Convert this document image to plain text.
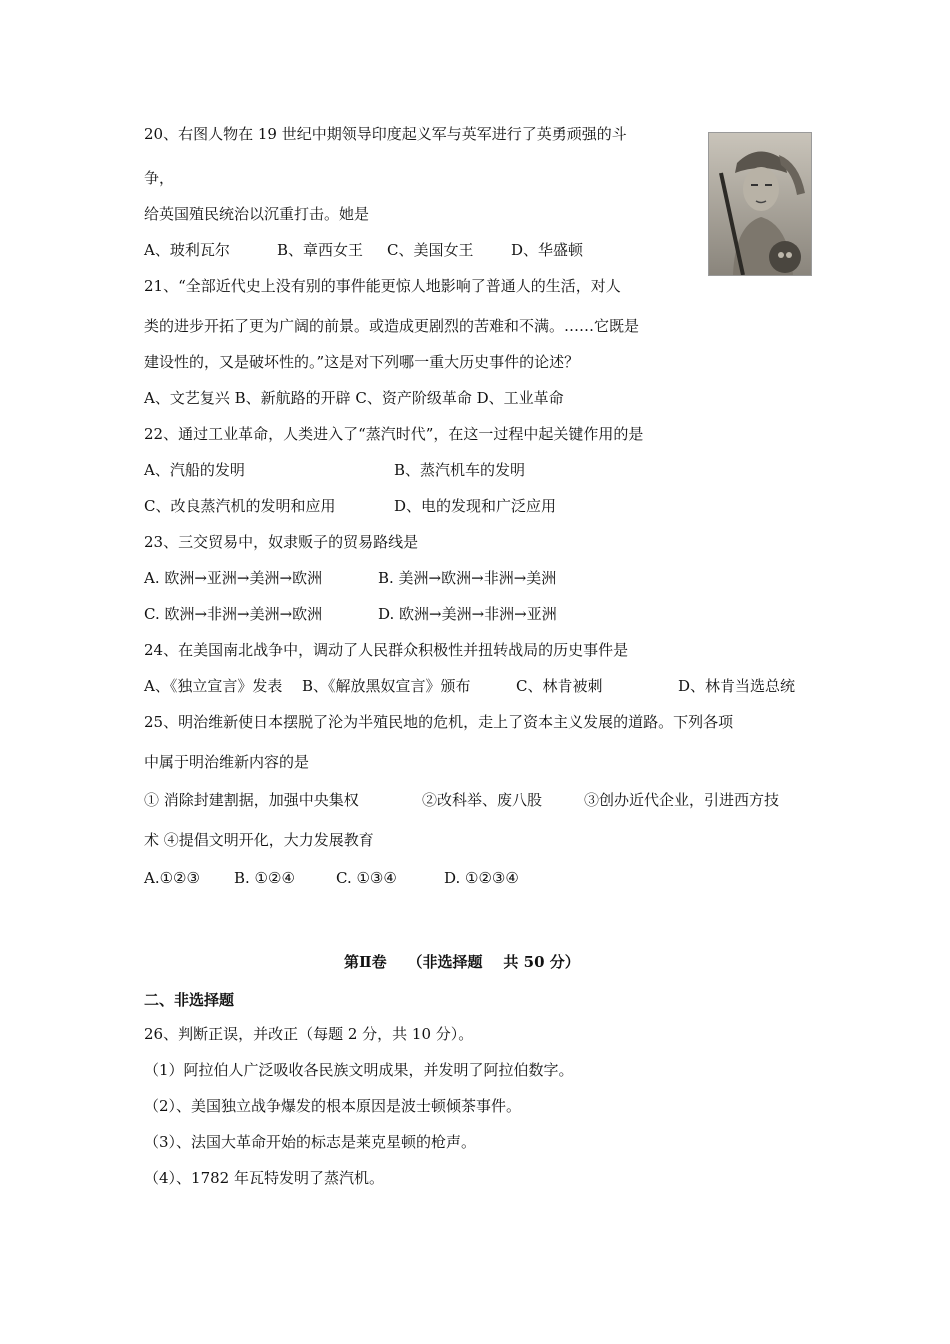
20、右图人物在 19 世纪中期领导印度起义军与英军进行了英勇顽强的斗
争，
给英国殖民统治以沉重打击。她是
A、玻利瓦尔	B、章西女王 C、美国女王	D、华盛顿
21、“全部近代史上没有别的事件能更惊人地影响了普通人的生活，对人
类的进步开拓了更为广阔的前景。或造成更剧烈的苦难和不满。……它既是
建设性的，又是破坏性的。”这是对下列哪一重大历史事件的论述？
A、文艺复兴 B、新航路的开辟 C、资产阶级革命 D、工业革命
22、通过工业革命，人类进入了“蒸汽时代”，在这一过程中起关键作用的是
A、汽船的发明	B、蒸汽机车的发明
C、改良蒸汽机的发明和应用	D、电的发现和广泛应用
23、三交贸易中，奴隶贩子的贸易路线是
A. 欧洲→亚洲→美洲→欧洲	B. 美洲→欧洲→非洲→美洲
C. 欧洲→非洲→美洲→欧洲	D. 欧洲→美洲→非洲→亚洲
24、在美国南北战争中，调动了人民群众积极性并扭转战局的历史事件是
A、《独立宣言》发表 B、《解放黑奴宣言》颁布	C、林肯被刺	D、林肯当选总统
25、明治维新使日本摆脱了沦为半殖民地的危机，走上了资本主义发展的道路。下列各项
中属于明治维新内容的是
① 消除封建割据，加强中央集权	②改科举、废八股	③创办近代企业，引进西方技
术 ④提倡文明开化，大力发展教育
A.①②③ B. ①②④	C. ①③④	D. ①②③④
第Ⅱ卷    （非选择题    共 50 分）
二、非选择题
26、判断正误，并改正（每题 2 分，共 10 分）。
（1）阿拉伯人广泛吸收各民族文明成果，并发明了阿拉伯数字。
（2）、美国独立战争爆发的根本原因是波士顿倾茶事件。
（3）、法国大革命开始的标志是莱克星顿的枪声。
（4）、1782 年瓦特发明了蒸汽机。
